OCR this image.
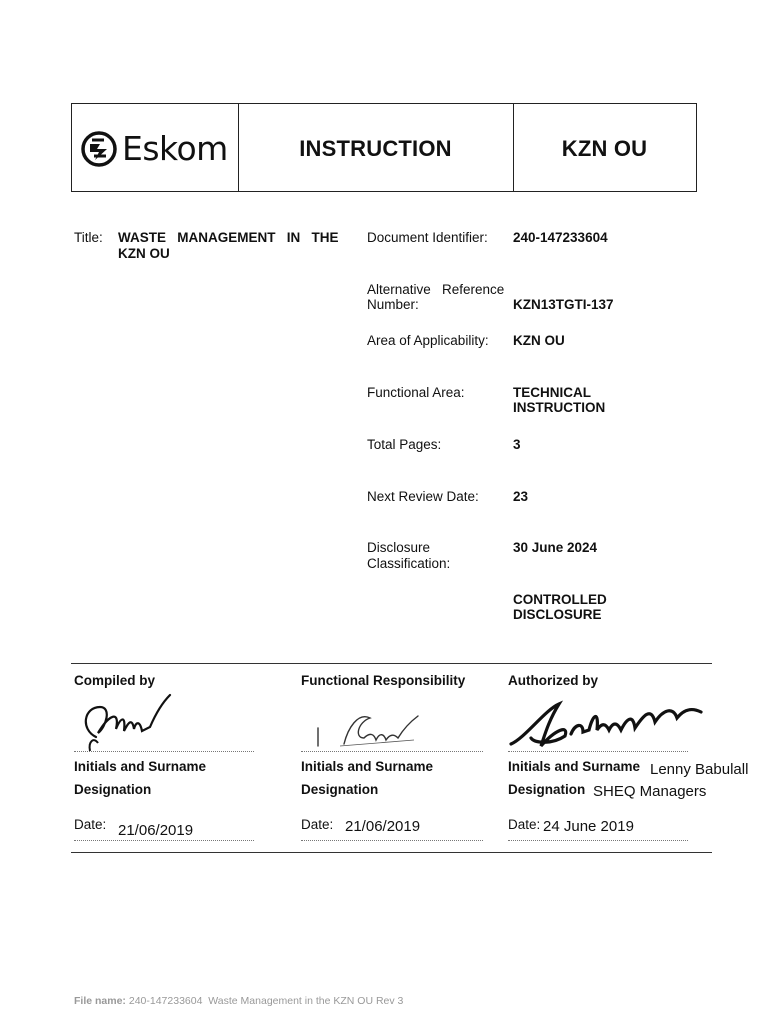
Eskom	INSTRUCTION	KZN OU
Title: WASTE   MANAGEMENT   IN   THE
KZN OU
Document Identifier: 240-147233604
Alternative   Reference
Number:	KZN13TGTI-137
Area of Applicability: KZN OU
Functional Area:	TECHNICAL
INSTRUCTION
Total Pages:	3
Next Review Date:	23
Disclosure
Classification:
30 June 2024
CONTROLLED
DISCLOSURE
Compiled by	Functional Responsibility	Authorized by
Initials and Surname	Initials and Surname	Initials and Surname Lenny Babulall
Designation	Designation	Designation SHEQ Managers
Date: 21/06/2019	Date: 21/06/2019	Date: 24 June 2019
File name: 240-147233604  Waste Management in the KZN OU Rev 3
